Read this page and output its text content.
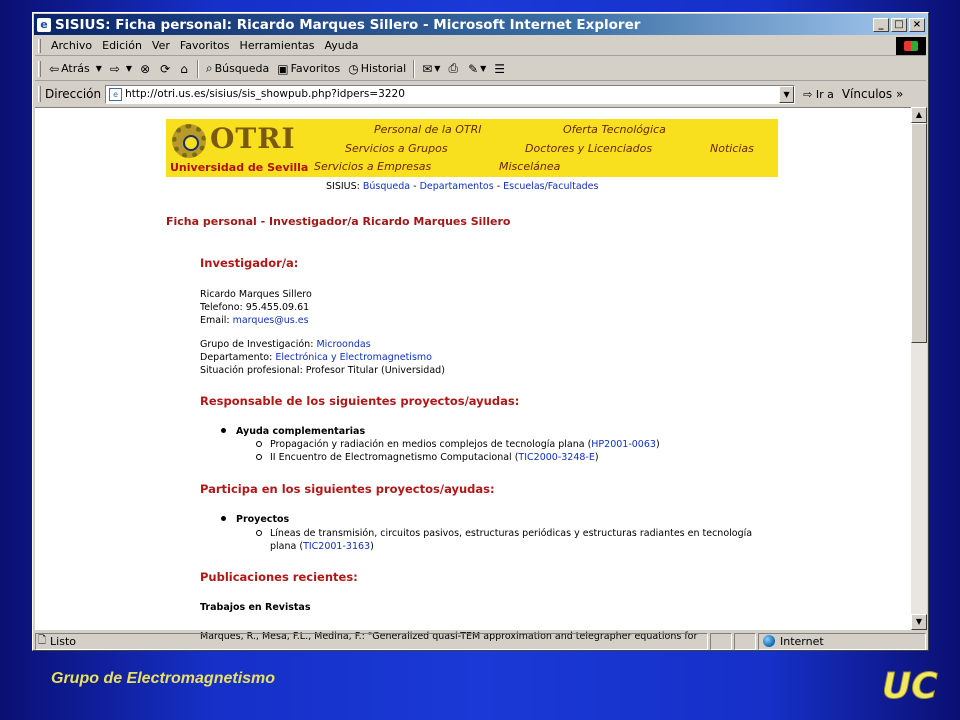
e SISIUS: Ficha personal: Ricardo Marques Sillero - Microsoft Internet Explorer	_	□ ×
Archivo Edición Ver Favoritos Herramientas Ayuda
⇦ Atrás ▼ ⇨ ▼ ⊗ ⟳ ⌂ ⌕ Búsqueda ▣ Favoritos ◷ Historial ✉ ▼ ⎙ ✎ ▼ ☰
Dirección	e http://otri.us.es/sisius/sis_showpub.php?idpers=3220	▼	⇨ Ir a Vínculos »
OTRI
Universidad de Sevilla
Personal de la OTRI	Oferta Tecnológica
Servicios a Grupos	Doctores y Licenciados	Noticias
Servicios a Empresas	Miscelánea
SISIUS: Búsqueda - Departamentos - Escuelas/Facultades
Ficha personal - Investigador/a Ricardo Marques Sillero
Investigador/a:
Ricardo Marques Sillero
Telefono: 95.455.09.61
Email: marques@us.es
Grupo de Investigación: Microondas
Departamento: Electrónica y Electromagnetismo
Situación profesional: Profesor Titular (Universidad)
Responsable de los siguientes proyectos/ayudas:
Ayuda complementarias
Propagación y radiación en medios complejos de tecnología plana (HP2001-0063)
II Encuentro de Electromagnetismo Computacional (TIC2000-3248-E)
Participa en los siguientes proyectos/ayudas:
Proyectos
Líneas de transmisión, circuitos pasivos, estructuras periódicas y estructuras radiantes en tecnología
plana (TIC2001-3163)
Publicaciones recientes:
Trabajos en Revistas
Marques, R., Mesa, F.L., Medina, F.: "Generalized quasi-TEM approximation and telegrapher equations for
▲
▼
🗋 Listo	Internet
Grupo de Electromagnetismo	UC
